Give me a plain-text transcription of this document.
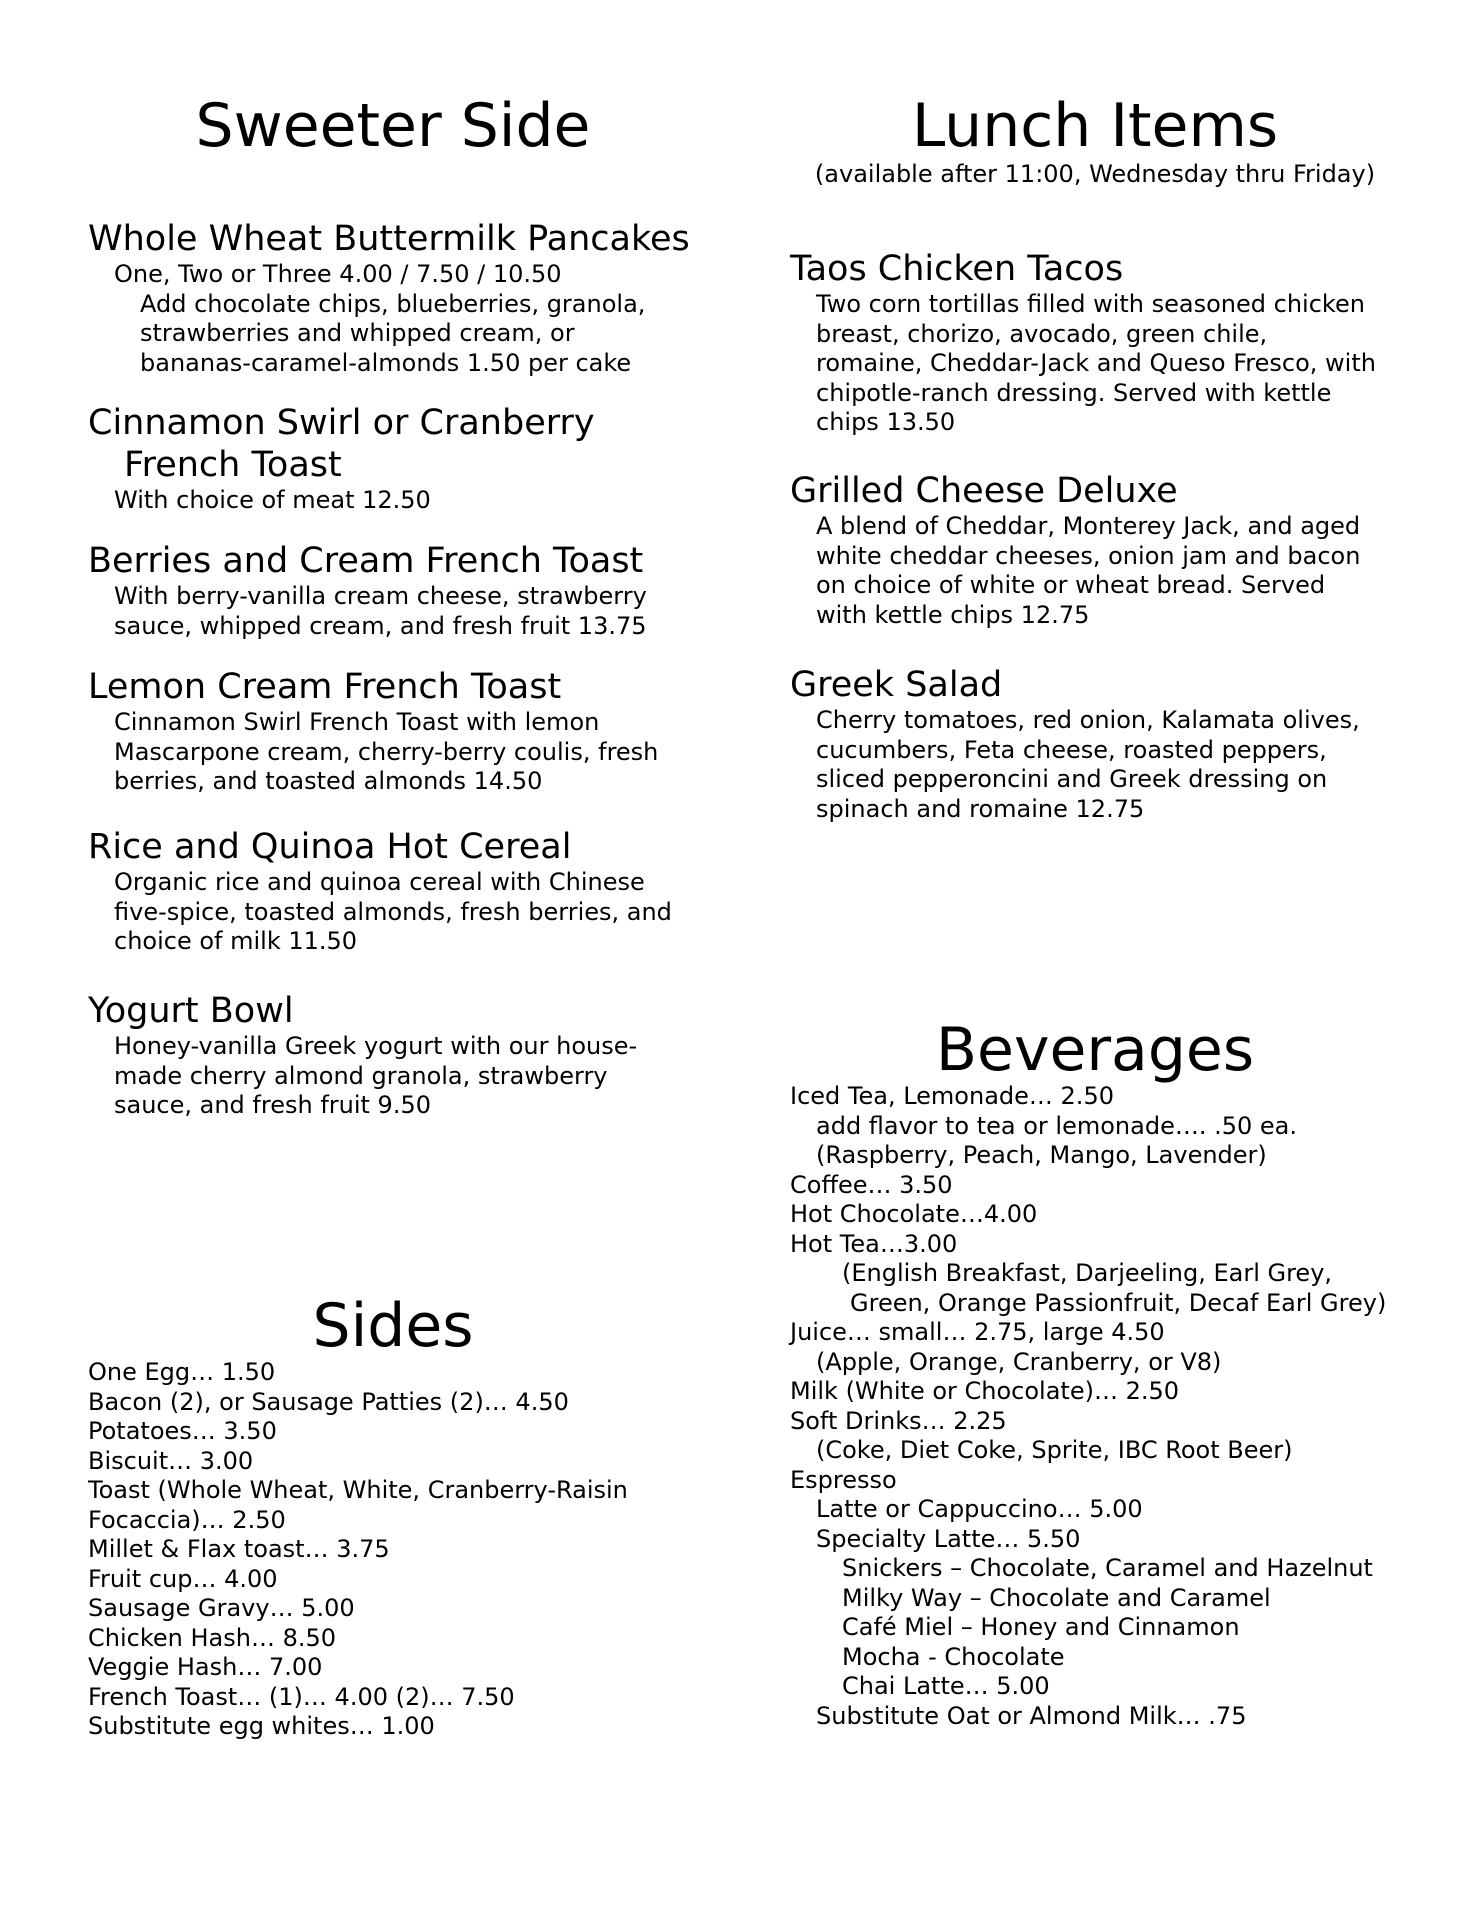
Sweeter Side
Whole Wheat Buttermilk Pancakes
One, Two or Three 4.00 / 7.50 / 10.50
Add chocolate chips, blueberries, granola,
strawberries and whipped cream, or
bananas-caramel-almonds 1.50 per cake
Cinnamon Swirl or Cranberry
French Toast
With choice of meat 12.50
Berries and Cream French Toast
With berry-vanilla cream cheese, strawberry
sauce, whipped cream, and fresh fruit 13.75
Lemon Cream French Toast
Cinnamon Swirl French Toast with lemon
Mascarpone cream, cherry-berry coulis, fresh
berries, and toasted almonds 14.50
Rice and Quinoa Hot Cereal
Organic rice and quinoa cereal with Chinese
five-spice, toasted almonds, fresh berries, and
choice of milk 11.50
Yogurt Bowl
Honey-vanilla Greek yogurt with our house-
made cherry almond granola, strawberry
sauce, and fresh fruit 9.50
Sides
One Egg… 1.50
Bacon (2), or Sausage Patties (2)… 4.50
Potatoes… 3.50
Biscuit… 3.00
Toast (Whole Wheat, White, Cranberry-Raisin
Focaccia)… 2.50
Millet & Flax toast… 3.75
Fruit cup… 4.00
Sausage Gravy… 5.00
Chicken Hash… 8.50
Veggie Hash… 7.00
French Toast… (1)… 4.00 (2)… 7.50
Substitute egg whites… 1.00
Lunch Items
(available after 11:00, Wednesday thru Friday)
Taos Chicken Tacos
Two corn tortillas filled with seasoned chicken
breast, chorizo, avocado, green chile,
romaine, Cheddar-Jack and Queso Fresco, with
chipotle-ranch dressing. Served with kettle
chips 13.50
Grilled Cheese Deluxe
A blend of Cheddar, Monterey Jack, and aged
white cheddar cheeses, onion jam and bacon
on choice of white or wheat bread. Served
with kettle chips 12.75
Greek Salad
Cherry tomatoes, red onion, Kalamata olives,
cucumbers, Feta cheese, roasted peppers,
sliced pepperoncini and Greek dressing on
spinach and romaine 12.75
Beverages
Iced Tea, Lemonade… 2.50
add flavor to tea or lemonade…. .50 ea.
(Raspberry, Peach, Mango, Lavender)
Coffee… 3.50
Hot Chocolate…4.00
Hot Tea…3.00
(English Breakfast, Darjeeling, Earl Grey,
Green, Orange Passionfruit, Decaf Earl Grey)
Juice… small… 2.75, large 4.50
(Apple, Orange, Cranberry, or V8)
Milk (White or Chocolate)… 2.50
Soft Drinks… 2.25
(Coke, Diet Coke, Sprite, IBC Root Beer)
Espresso
Latte or Cappuccino… 5.00
Specialty Latte… 5.50
Snickers – Chocolate, Caramel and Hazelnut
Milky Way – Chocolate and Caramel
Café Miel – Honey and Cinnamon
Mocha - Chocolate
Chai Latte… 5.00
Substitute Oat or Almond Milk… .75
